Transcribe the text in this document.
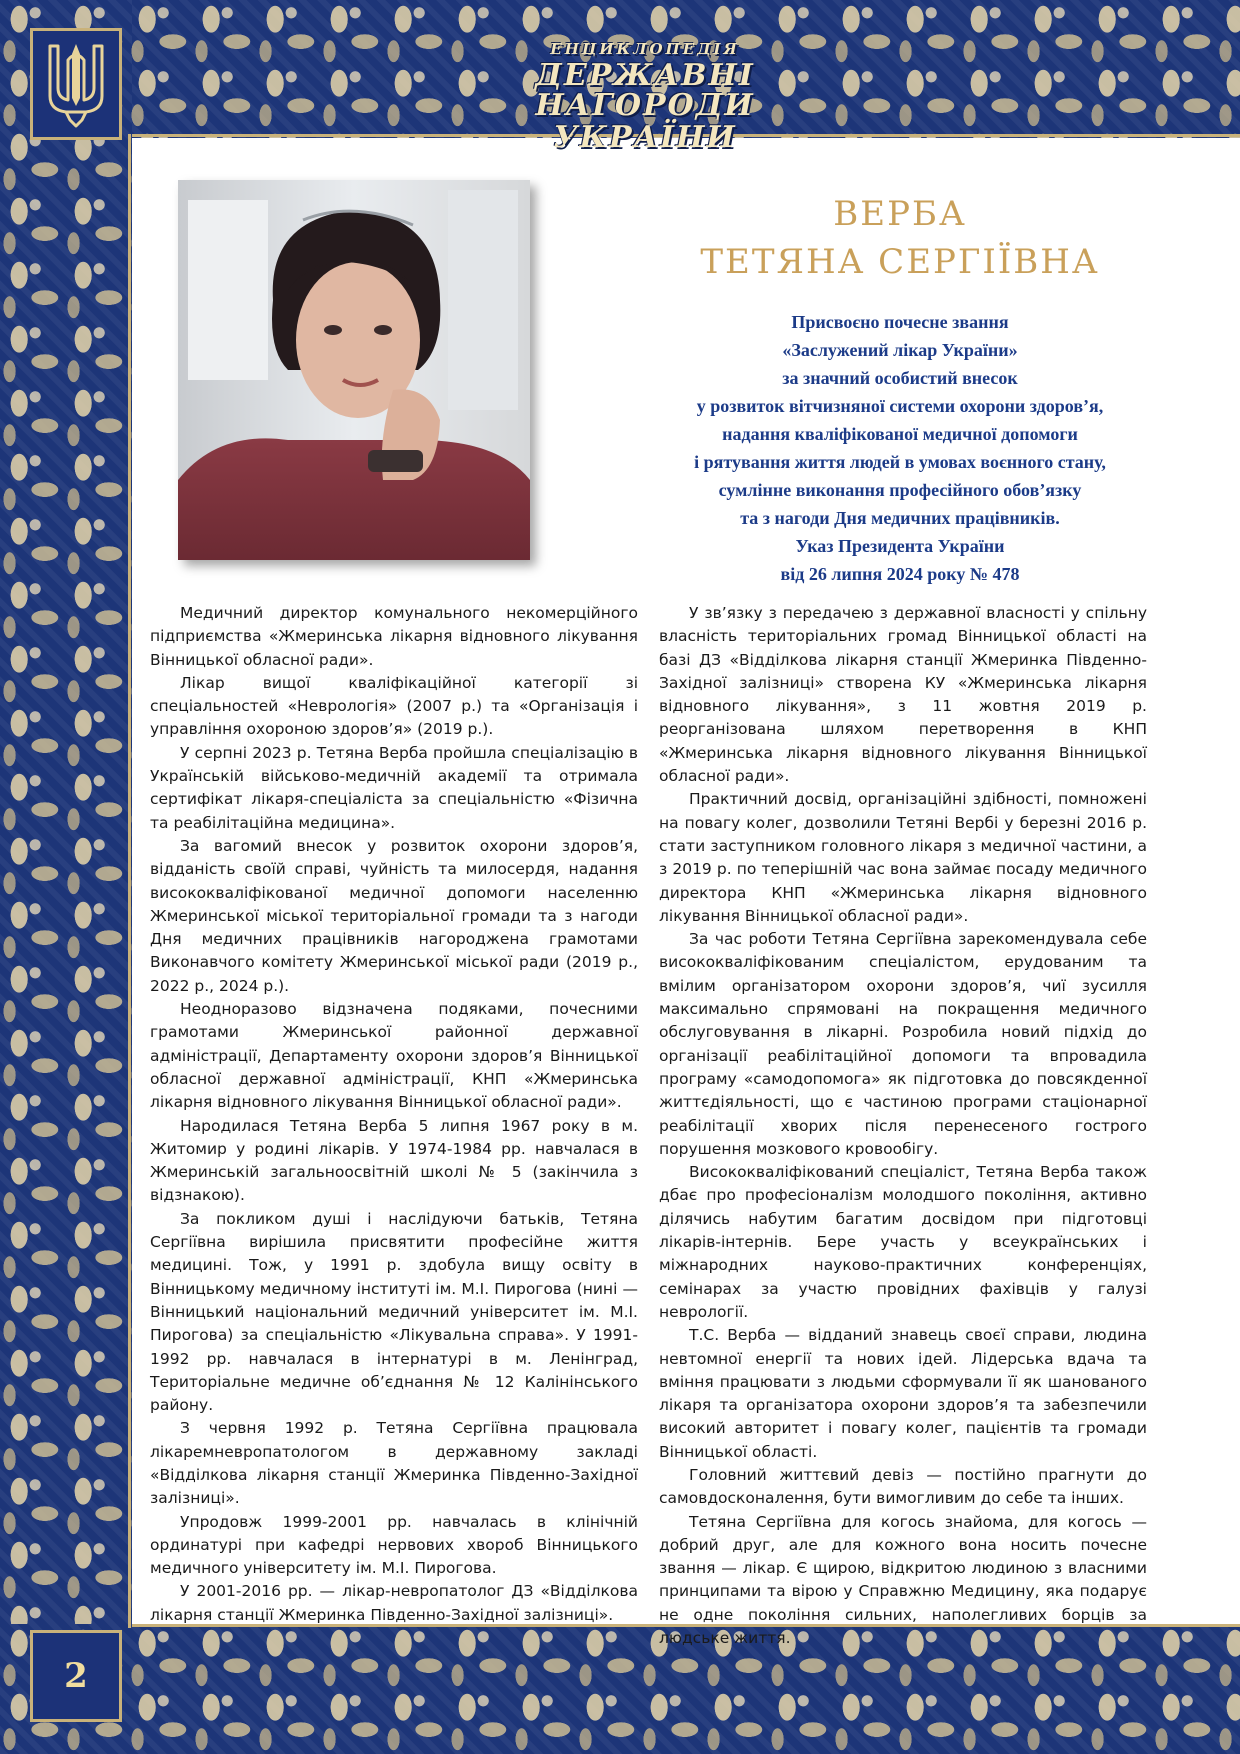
ЕНЦИКЛОПЕДІЯ
ДЕРЖАВНІ НАГОРОДИ
УКРАЇНИ
ВЕРБА
ТЕТЯНА СЕРГІЇВНА
Присвоєно почесне звання
«Заслужений лікар України»
за значний особистий внесок
у розвиток вітчизняної системи охорони здоров’я,
надання кваліфікованої медичної допомоги
і рятування життя людей в умовах воєнного стану,
сумлінне виконання професійного обов’язку
та з нагоди Дня медичних працівників.
Указ Президента України
від 26 липня 2024 року № 478

Медичний директор комунального некомерційного підприємства «Жмеринська лікарня відновного лікування Вінницької обласної ради».

Лікар вищої кваліфікаційної категорії зі спеціальностей «Неврологія» (2007 р.) та «Організація і управління охороною здоров’я» (2019 р.).

У серпні 2023 р. Тетяна Верба пройшла спеціалізацію в Українській військово-медичній академії та отримала сертифікат лікаря-спеціаліста за спеціальністю «Фізична та реабілітаційна медицина».

За вагомий внесок у розвиток охорони здоров’я, відданість своїй справі, чуйність та милосердя, надання висококваліфікованої медичної допомоги населенню Жмеринської міської територіальної громади та з нагоди Дня медичних працівників нагороджена грамотами Виконавчого комітету Жмеринської міської ради (2019 р., 2022 р., 2024 р.).

Неодноразово відзначена подяками, почесними грамотами Жмеринської районної державної адміністрації, Департаменту охорони здоров’я Вінницької обласної державної адміністрації, КНП «Жмеринська лікарня відновного лікування Вінницької обласної ради».

Народилася Тетяна Верба 5 липня 1967 року в м. Житомир у родині лікарів. У 1974-1984 рр. навчалася в Жмеринській загальноосвітній школі № 5 (закінчила з відзнакою).

За покликом душі і наслідуючи батьків, Тетяна Сергіївна вирішила присвятити професійне життя медицині. Тож, у 1991 р. здобула вищу освіту в Вінницькому медичному інституті ім. М.І. Пирогова (нині — Вінницький національний медичний університет ім. М.І. Пирогова) за спеціальністю «Лікувальна справа». У 1991-1992 рр. навчалася в інтернатурі в м. Ленінград, Територіальне медичне об’єднання № 12 Калінінського району.

З червня 1992 р. Тетяна Сергіївна працювала лікаремневропатологом в державному закладі «Відділкова лікарня станції Жмеринка Південно-Західної залізниці».

Упродовж 1999-2001 рр. навчалась в клінічній ординатурі при кафедрі нервових хвороб Вінницького медичного університету ім. М.І. Пирогова.

У 2001-2016 рр. — лікар-невропатолог ДЗ «Відділкова лікарня станції Жмеринка Південно-Західної залізниці».

У зв’язку з передачею з державної власності у спільну власність територіальних громад Вінницької області на базі ДЗ «Відділкова лікарня станції Жмеринка Південно-Західної залізниці» створена КУ «Жмеринська лікарня відновного лікування», з 11 жовтня 2019 р. реорганізована шляхом перетворення в КНП «Жмеринська лікарня відновного лікування Вінницької обласної ради».

Практичний досвід, організаційні здібності, помножені на повагу колег, дозволили Тетяні Вербі у березні 2016 р. стати заступником головного лікаря з медичної частини, а з 2019 р. по теперішній час вона займає посаду медичного директора КНП «Жмеринська лікарня відновного лікування Вінницької обласної ради».

За час роботи Тетяна Сергіївна зарекомендувала себе висококваліфікованим спеціалістом, ерудованим та вмілим організатором охорони здоров’я, чиї зусилля максимально спрямовані на покращення медичного обслуговування в лікарні. Розробила новий підхід до організації реабілітаційної допомоги та впровадила програму «самодопомога» як підготовка до повсякденної життєдіяльності, що є частиною програми стаціонарної реабілітації хворих після перенесеного гострого порушення мозкового кровообігу.

Висококваліфікований спеціаліст, Тетяна Верба також дбає про професіоналізм молодшого покоління, активно ділячись набутим багатим досвідом при підготовці лікарів-інтернів. Бере участь у всеукраїнських і міжнародних науково-практичних конференціях, семінарах за участю провідних фахівців у галузі неврології.

Т.С. Верба — відданий знавець своєї справи, людина невтомної енергії та нових ідей. Лідерська вдача та вміння працювати з людьми сформували її як шанованого лікаря та організатора охорони здоров’я та забезпечили високий авторитет і повагу колег, пацієнтів та громади Вінницької області.

Головний життєвий девіз — постійно прагнути до самовдосконалення, бути вимогливим до себе та інших.

Тетяна Сергіївна для когось знайома, для когось — добрий друг, але для кожного вона носить почесне звання — лікар. Є щирою, відкритою людиною з власними принципами та вірою у Справжню Медицину, яка подарує не одне покоління сильних, наполегливих борців за людське життя.

2
